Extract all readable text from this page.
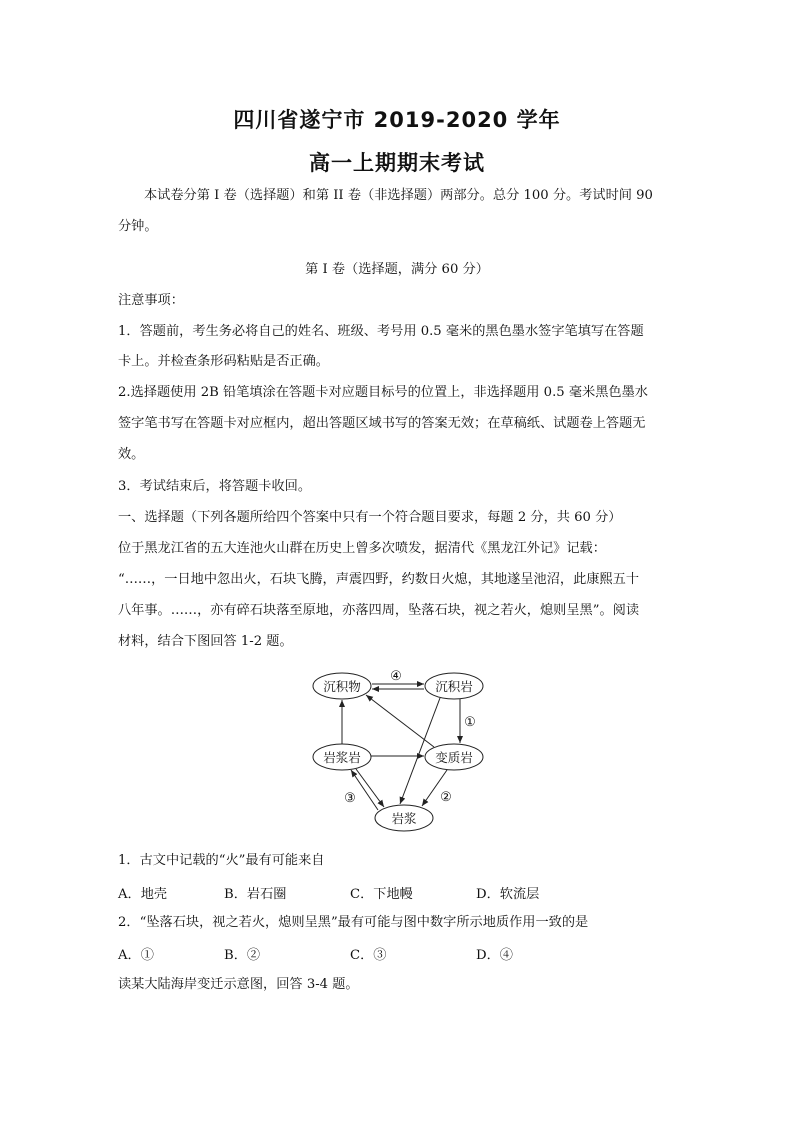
四川省遂宁市 2019-2020 学年
高一上期期末考试
本试卷分第 I 卷（选择题）和第 II 卷（非选择题）两部分。总分 100 分。考试时间 90
分钟。
第 I 卷（选择题，满分 60 分）
注意事项：
1．答题前，考生务必将自己的姓名、班级、考号用 0.5 毫米的黑色墨水签字笔填写在答题
卡上。并检查条形码粘贴是否正确。
2.选择题使用 2B 铅笔填涂在答题卡对应题目标号的位置上，非选择题用 0.5 毫米黑色墨水
签字笔书写在答题卡对应框内，超出答题区域书写的答案无效；在草稿纸、试题卷上答题无
效。
3．考试结束后，将答题卡收回。
一、选择题（下列各题所给四个答案中只有一个符合题目要求，每题 2 分，共 60 分）
位于黑龙江省的五大连池火山群在历史上曾多次喷发，据清代《黑龙江外记》记载：
“……，一日地中忽出火，石块飞腾，声震四野，约数日火熄，其地遂呈池沼，此康熙五十
八年事。……，亦有碎石块落至原地，亦落四周，坠落石块，视之若火，熄则呈黑”。阅读
材料，结合下图回答 1-2 题。
沉积物	沉积岩
岩浆岩	变质岩
岩浆
④
①
③	②
1．古文中记载的“火”最有可能来自
A．地壳	B．岩石圈	C．下地幔	D．软流层
2．“坠落石块，视之若火，熄则呈黑”最有可能与图中数字所示地质作用一致的是
A．①	B．②	C．③	D．④
读某大陆海岸变迁示意图，回答 3-4 题。
